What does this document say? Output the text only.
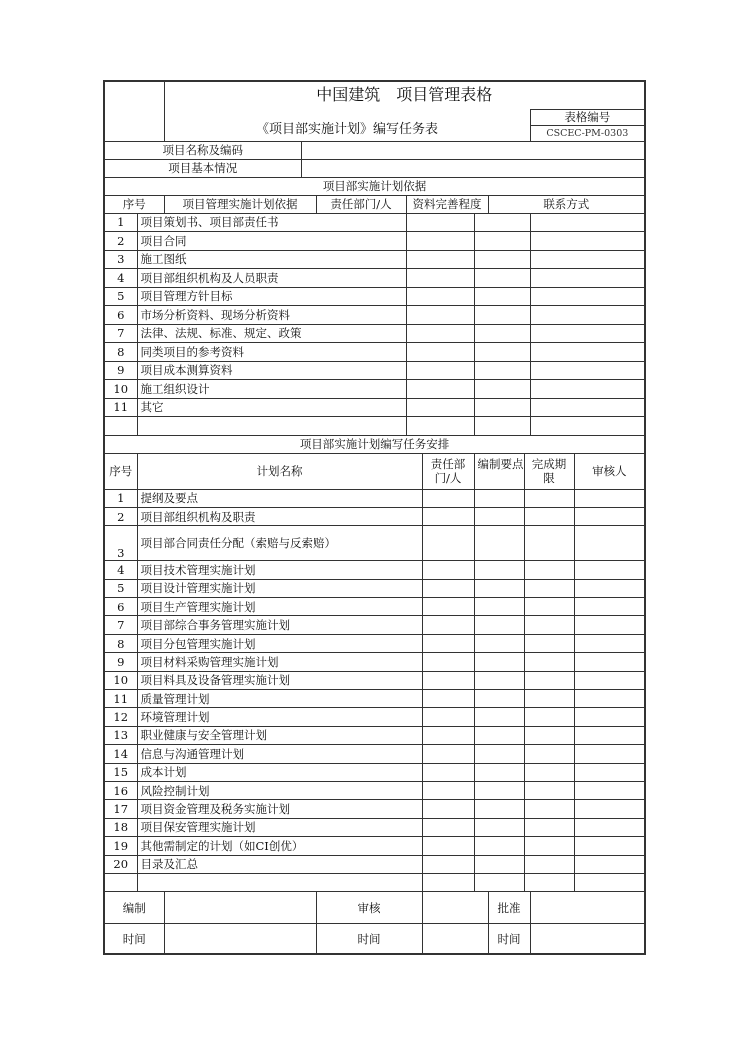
		中国建筑　项目管理表格									
		《项目部实施计划》编写任务表								表格编号
CSCEC-PM-0303	

项目名称及编码											
项目基本情况											
项目部实施计划依据											
序号		项目管理实施计划依据		责任部门/人	资料完善程度			联系方式			
1	项目策划书、项目部责任书										
2	项目合同										
3	施工图纸										
4	项目部组织机构及人员职责										
5	项目管理方针目标										
6	市场分析资料、现场分析资料										
7	法律、法规、标准、规定、政策										
8	同类项目的参考资料										
9	项目成本测算资料										
10	施工组织设计										
11	其它										

项目部实施计划编写任务安排											
序号	计划名称					责任部门/人	编制要点		完成期限		审核人
1	提纲及要点										
2	项目部组织机构及职责										
3	项目部合同责任分配（索赔与反索赔）										
4	项目技术管理实施计划										
5	项目设计管理实施计划										
6	项目生产管理实施计划										
7	项目部综合事务管理实施计划										
8	项目分包管理实施计划										
9	项目材料采购管理实施计划										
10	项目料具及设备管理实施计划										
11	质量管理计划										
12	环境管理计划										
13	职业健康与安全管理计划										
14	信息与沟通管理计划										
15	成本计划										
16	风险控制计划										
17	项目资金管理及税务实施计划										
18	项目保安管理实施计划										
19	其他需制定的计划（如CI创优）										
20	目录及汇总										

编制				审核				批准			
时间				时间				时间			
